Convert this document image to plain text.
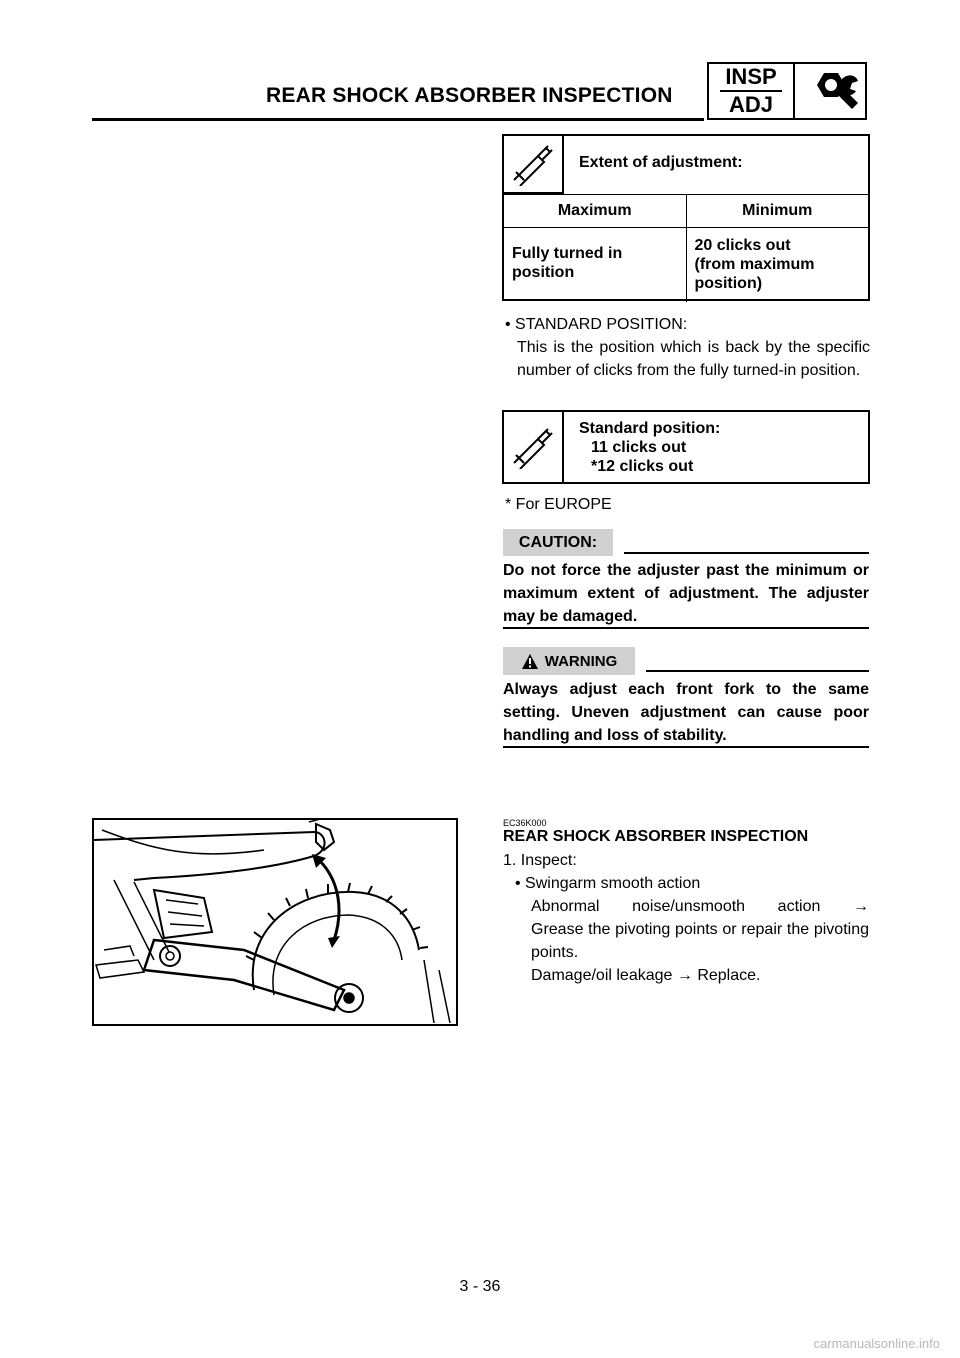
REAR SHOCK ABSORBER INSPECTION
INSP
ADJ
Extent of adjustment:
Maximum	Minimum
Fully turned in
position
20 clicks out
(from maximum
position)
• STANDARD POSITION:
This is the position which is back by the specific number of clicks from the fully turned-in position.
Standard position:
11 clicks out
*12 clicks out
* For EUROPE
CAUTION:
Do not force the adjuster past the minimum or maximum extent of adjustment. The adjuster may be damaged.
WARNING
Always adjust each front fork to the same setting. Uneven adjustment can cause poor handling and loss of stability.
EC36K000
REAR SHOCK ABSORBER INSPECTION
1. Inspect:
• Swingarm smooth action
Abnormal noise/unsmooth action →
Grease the pivoting points or repair the pivoting points.
Damage/oil leakage → Replace.
3 - 36
carmanualsonline.info
